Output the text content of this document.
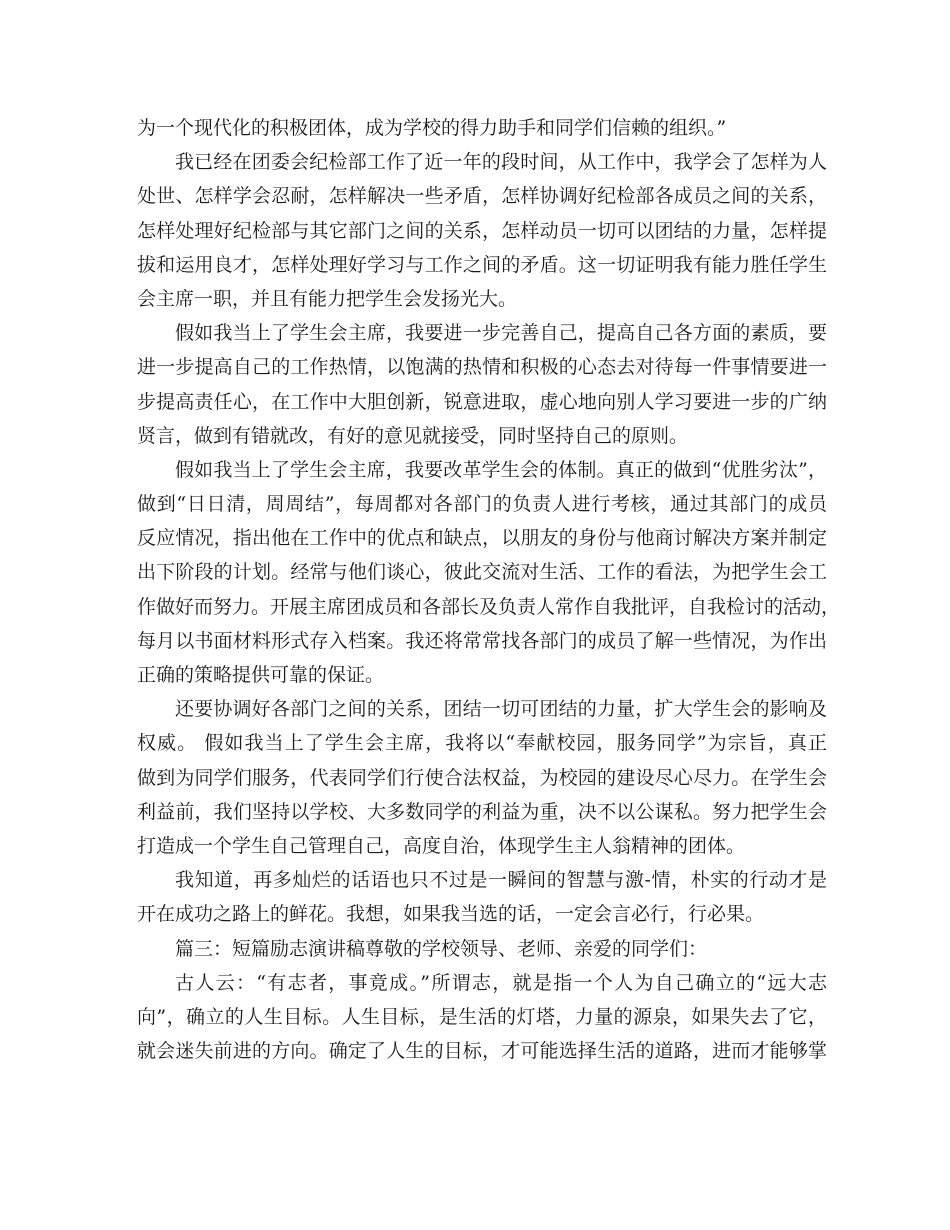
为一个现代化的积极团体，成为学校的得力助手和同学们信赖的组织。”
我已经在团委会纪检部工作了近一年的段时间，从工作中，我学会了怎样为人
处世、怎样学会忍耐，怎样解决一些矛盾，怎样协调好纪检部各成员之间的关系，
怎样处理好纪检部与其它部门之间的关系，怎样动员一切可以团结的力量，怎样提
拔和运用良才，怎样处理好学习与工作之间的矛盾。这一切证明我有能力胜任学生
会主席一职，并且有能力把学生会发扬光大。
假如我当上了学生会主席，我要进一步完善自己，提高自己各方面的素质，要
进一步提高自己的工作热情，以饱满的热情和积极的心态去对待每一件事情要进一
步提高责任心，在工作中大胆创新，锐意进取，虚心地向别人学习要进一步的广纳
贤言，做到有错就改，有好的意见就接受，同时坚持自己的原则。
假如我当上了学生会主席，我要改革学生会的体制。真正的做到“优胜劣汰”，
做到“日日清，周周结”，每周都对各部门的负责人进行考核，通过其部门的成员
反应情况，指出他在工作中的优点和缺点，以朋友的身份与他商讨解决方案并制定
出下阶段的计划。经常与他们谈心，彼此交流对生活、工作的看法，为把学生会工
作做好而努力。开展主席团成员和各部长及负责人常作自我批评，自我检讨的活动，
每月以书面材料形式存入档案。我还将常常找各部门的成员了解一些情况，为作出
正确的策略提供可靠的保证。
还要协调好各部门之间的关系，团结一切可团结的力量，扩大学生会的影响及
权威。 假如我当上了学生会主席，我将以“奉献校园，服务同学”为宗旨，真正
做到为同学们服务，代表同学们行使合法权益，为校园的建设尽心尽力。在学生会
利益前，我们坚持以学校、大多数同学的利益为重，决不以公谋私。努力把学生会
打造成一个学生自己管理自己，高度自治，体现学生主人翁精神的团体。
我知道，再多灿烂的话语也只不过是一瞬间的智慧与激-情，朴实的行动才是
开在成功之路上的鲜花。我想，如果我当选的话，一定会言必行，行必果。
篇三：短篇励志演讲稿尊敬的学校领导、老师、亲爱的同学们：
古人云：“有志者，事竟成。”所谓志，就是指一个人为自己确立的“远大志
向”，确立的人生目标。人生目标，是生活的灯塔，力量的源泉，如果失去了它，
就会迷失前进的方向。确定了人生的目标，才可能选择生活的道路，进而才能够掌
